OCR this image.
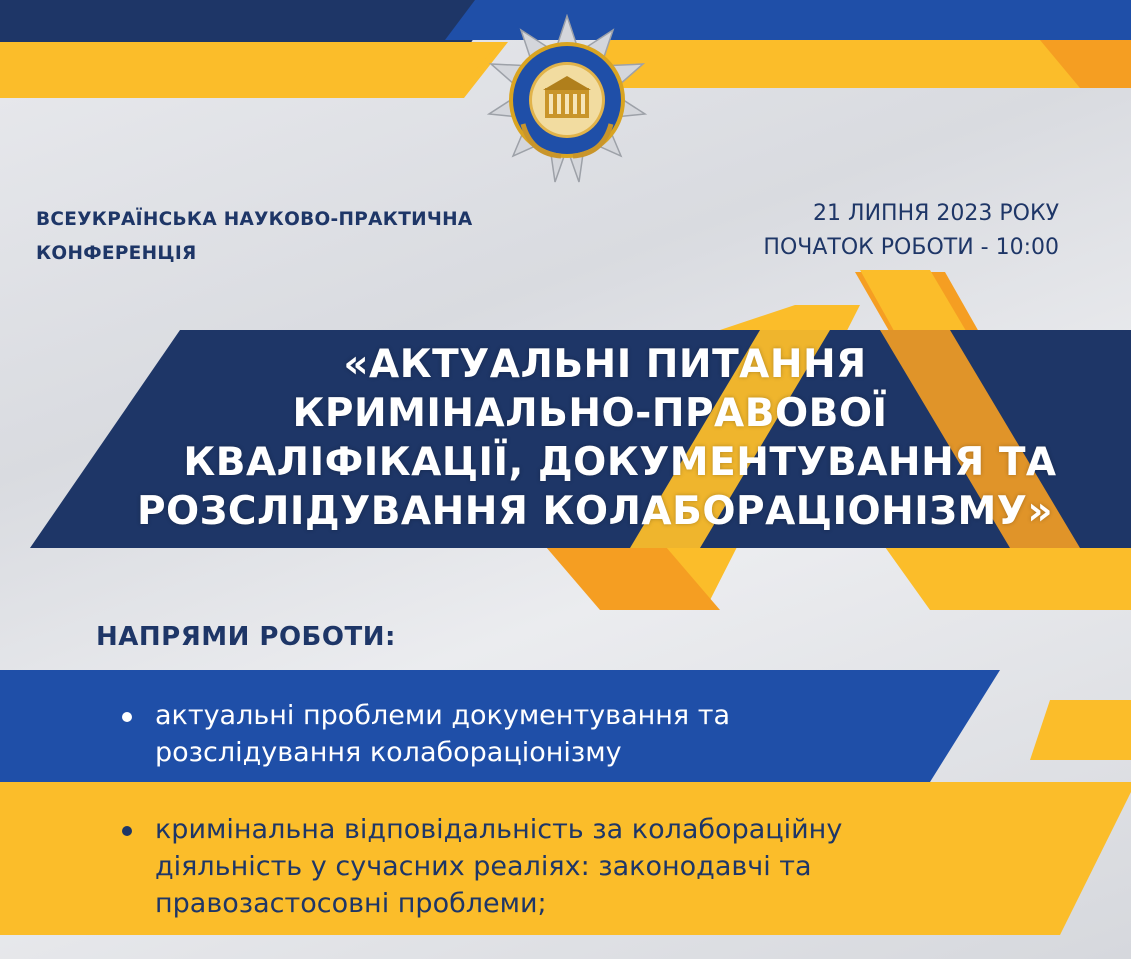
ВСЕУКРАЇНСЬКА НАУКОВО-ПРАКТИЧНА
КОНФЕРЕНЦІЯ
21 ЛИПНЯ 2023 РОКУ
ПОЧАТОК РОБОТИ - 10:00
«АКТУАЛЬНІ ПИТАННЯ
КРИМІНАЛЬНО-ПРАВОВОЇ
КВАЛІФІКАЦІЇ, ДОКУМЕНТУВАННЯ ТА
РОЗСЛІДУВАННЯ КОЛАБОРАЦІОНІЗМУ»
НАПРЯМИ РОБОТИ:
актуальні проблеми документування та
розслідування колабораціонізму
кримінальна відповідальність за колабораційну
діяльність у сучасних реаліях: законодавчі та
правозастосовні проблеми;
